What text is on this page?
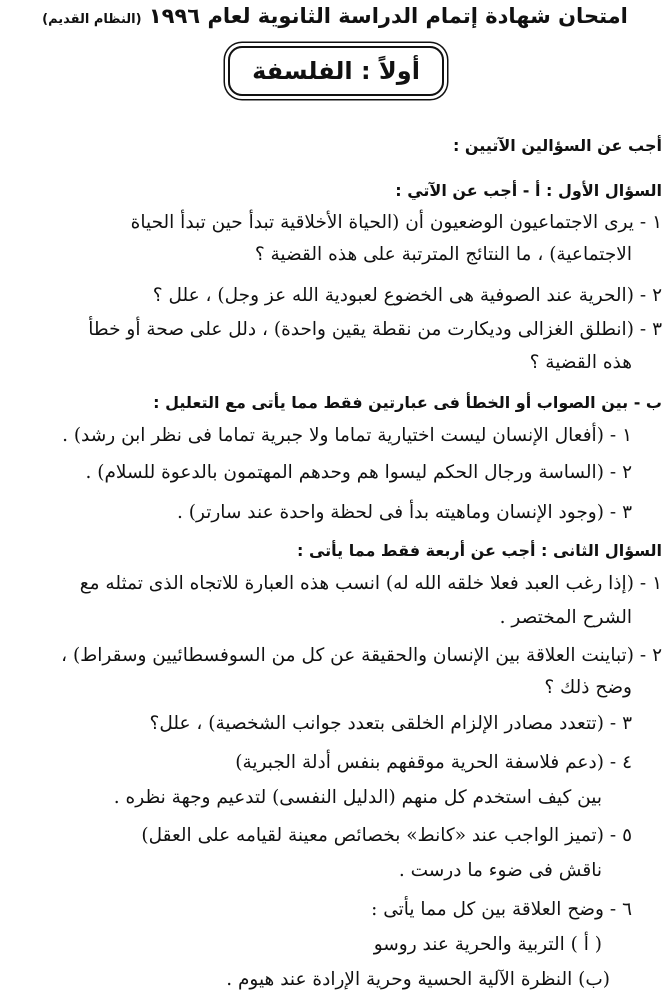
امتحان شهادة إتمام الدراسة الثانوية لعام ١٩٩٦ (النظام القديم)
أولاً : الفلسفة
أجب عن السؤالين الآتيين :
السؤال الأول : أ - أجب عن الآتي :
١ -يرى الاجتماعيون الوضعيون أن (الحياة الأخلاقية تبدأ حين تبدأ الحياة
الاجتماعية) ، ما النتائج المترتبة على هذه القضية ؟
٢ -(الحرية عند الصوفية هى الخضوع لعبودية الله عز وجل) ، علل ؟
٣ -(انطلق الغزالى وديكارت من نقطة يقين واحدة) ، دلل على صحة أو خطأ
هذه القضية ؟
ب - بين الصواب أو الخطأ فى عبارتين فقط مما يأتى مع التعليل :
١ -(أفعال الإنسان ليست اختيارية تماما ولا جبرية تماما فى نظر ابن رشد) .
٢ -(الساسة ورجال الحكم ليسوا هم وحدهم المهتمون بالدعوة للسلام) .
٣ -(وجود الإنسان وماهيته بدأ فى لحظة واحدة عند سارتر) .
السؤال الثانى : أجب عن أربعة فقط مما يأتى :
١ -(إذا رغب العبد فعلا خلقه الله له) انسب هذه العبارة للاتجاه الذى تمثله مع
الشرح المختصر .
٢ -(تباينت العلاقة بين الإنسان والحقيقة عن كل من السوفسطائيين وسقراط) ،
وضح ذلك ؟
٣ -(تتعدد مصادر الإلزام الخلقى بتعدد جوانب الشخصية) ، علل؟
٤ -(دعم فلاسفة الحرية موقفهم بنفس أدلة الجبرية)
بين كيف استخدم كل منهم (الدليل النفسى) لتدعيم وجهة نظره .
٥ -(تميز الواجب عند «كانط» بخصائص معينة لقيامه على العقل)
ناقش فى ضوء ما درست .
٦ -وضح العلاقة بين كل مما يأتى :
( أ ) التربية والحرية عند روسو
(ب) النظرة الآلية الحسية وحرية الإرادة عند هيوم .
